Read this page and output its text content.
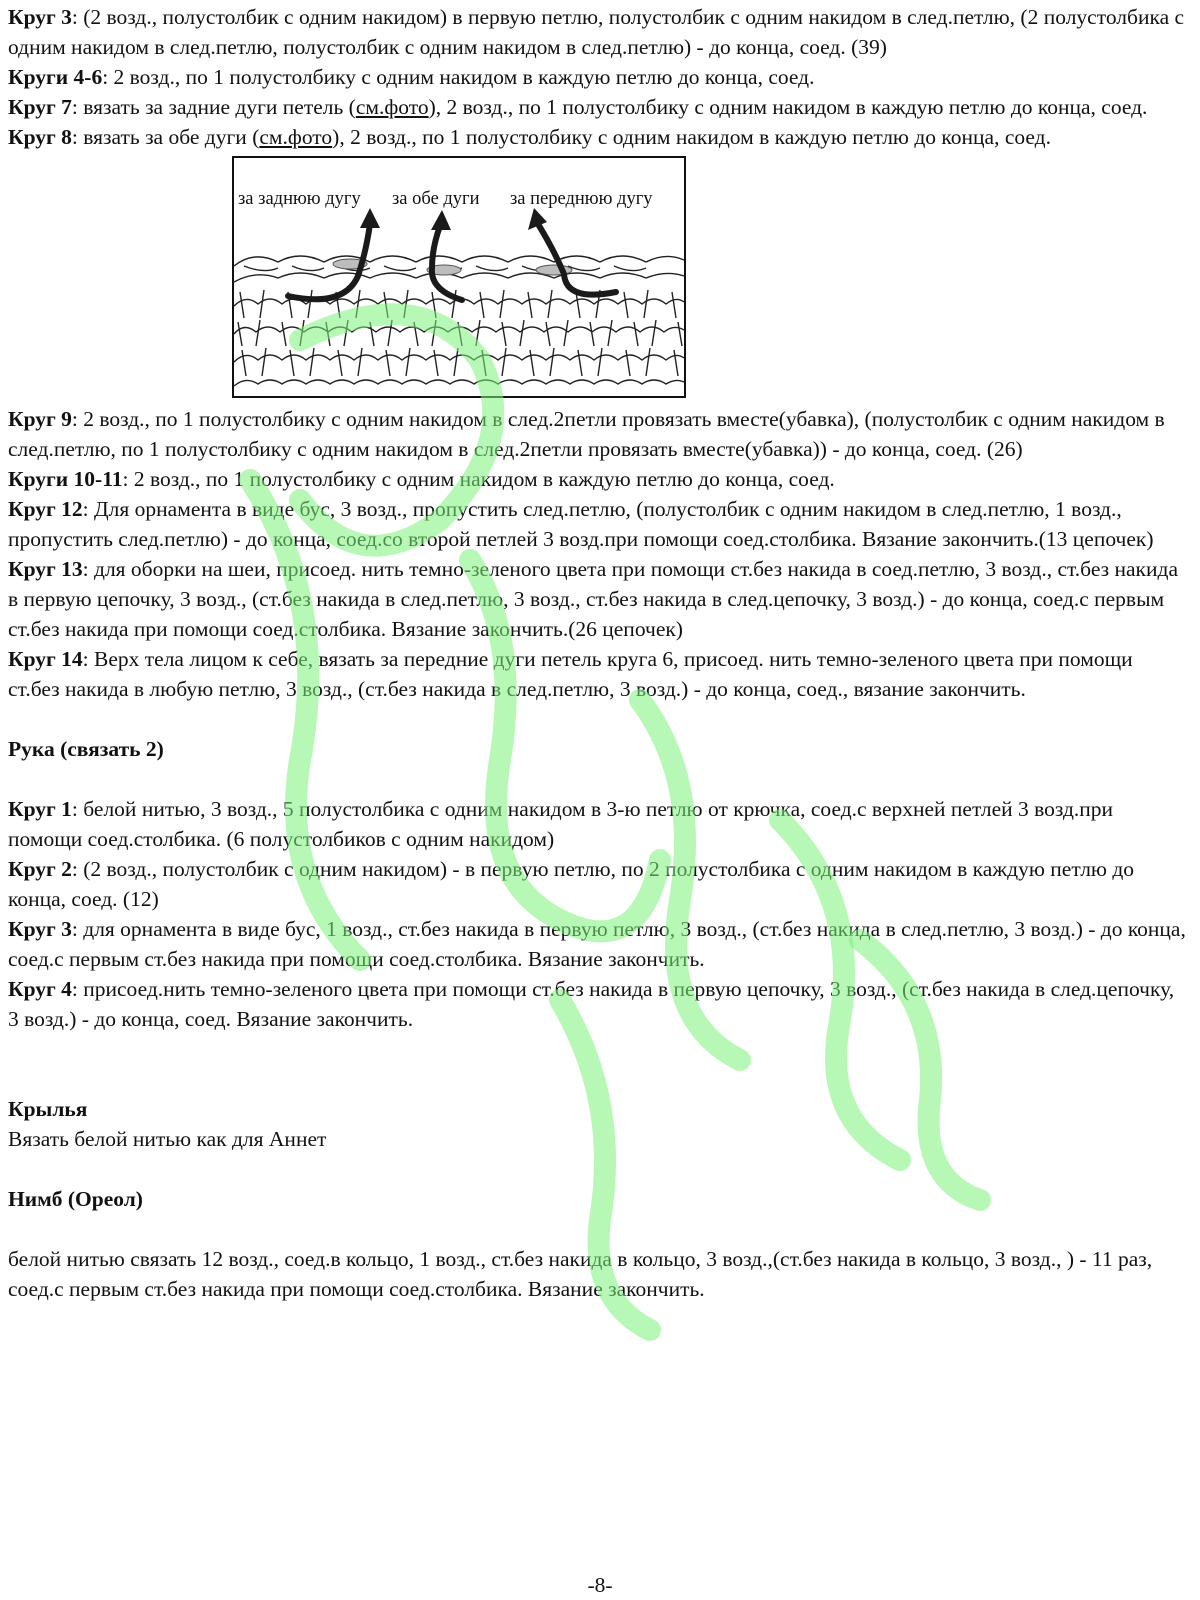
Круг 3: (2 возд., полустолбик с одним накидом) в первую петлю, полустолбик с одним накидом в след.петлю, (2 полустолбика с одним накидом в след.петлю, полустолбик с одним накидом в след.петлю) - до конца, соед. (39)

Круги 4-6: 2 возд., по 1 полустолбику с одним накидом в каждую петлю до конца, соед.

Круг 7: вязать за задние дуги петель (см.фото), 2 возд., по 1 полустолбику с одним накидом в каждую петлю до конца, соед.

Круг 8: вязать за обе дуги (см.фото), 2 возд., по 1 полустолбику с одним накидом в каждую петлю до конца, соед.

за заднюю дугу за обе дуги за переднюю дугу

Круг 9: 2 возд., по 1 полустолбику с одним накидом в след.2петли провязать вместе(убавка), (полустолбик с одним накидом в след.петлю, по 1 полустолбику с одним накидом в след.2петли провязать вместе(убавка)) - до конца, соед. (26)

Круги 10-11: 2 возд., по 1 полустолбику с одним накидом в каждую петлю до конца, соед.

Круг 12: Для орнамента в виде бус, 3 возд., пропустить след.петлю, (полустолбик с одним накидом в след.петлю, 1 возд., пропустить след.петлю) - до конца, соед.со второй петлей 3 возд.при помощи соед.столбика. Вязание закончить.(13 цепочек)

Круг 13: для оборки на шеи, присоед. нить темно-зеленого цвета при помощи ст.без накида в соед.петлю, 3 возд., ст.без накида в первую цепочку, 3 возд., (ст.без накида в след.петлю, 3 возд., ст.без накида в след.цепочку, 3 возд.) - до конца, соед.с первым ст.без накида при помощи соед.столбика. Вязание закончить.(26 цепочек)

Круг 14: Верх тела лицом к себе, вязать за передние дуги петель круга 6, присоед. нить темно-зеленого цвета при помощи ст.без накида в любую петлю, 3 возд., (ст.без накида в след.петлю, 3 возд.) - до конца, соед., вязание закончить.

Рука (связать 2)

Круг 1: белой нитью, 3 возд., 5 полустолбика с одним накидом в 3-ю петлю от крючка, соед.с верхней петлей 3 возд.при помощи соед.столбика. (6 полустолбиков с одним накидом)

Круг 2: (2 возд., полустолбик с одним накидом) - в первую петлю, по 2 полустолбика с одним накидом в каждую петлю до конца, соед. (12)

Круг 3: для орнамента в виде бус, 1 возд., ст.без накида в первую петлю, 3 возд., (ст.без накида в след.петлю, 3 возд.) - до конца, соед.с первым ст.без накида при помощи соед.столбика. Вязание закончить.

Круг 4: присоед.нить темно-зеленого цвета при помощи ст.без накида в первую цепочку, 3 возд., (ст.без накида в след.цепочку, 3 возд.) - до конца, соед. Вязание закончить.

Крылья

Вязать белой нитью как для Аннет

Нимб (Ореол)

белой нитью связать 12 возд., соед.в кольцо, 1 возд., ст.без накида в кольцо, 3 возд.,(ст.без накида в кольцо, 3 возд., ) - 11 раз, соед.с первым ст.без накида при помощи соед.столбика. Вязание закончить.

-8-
